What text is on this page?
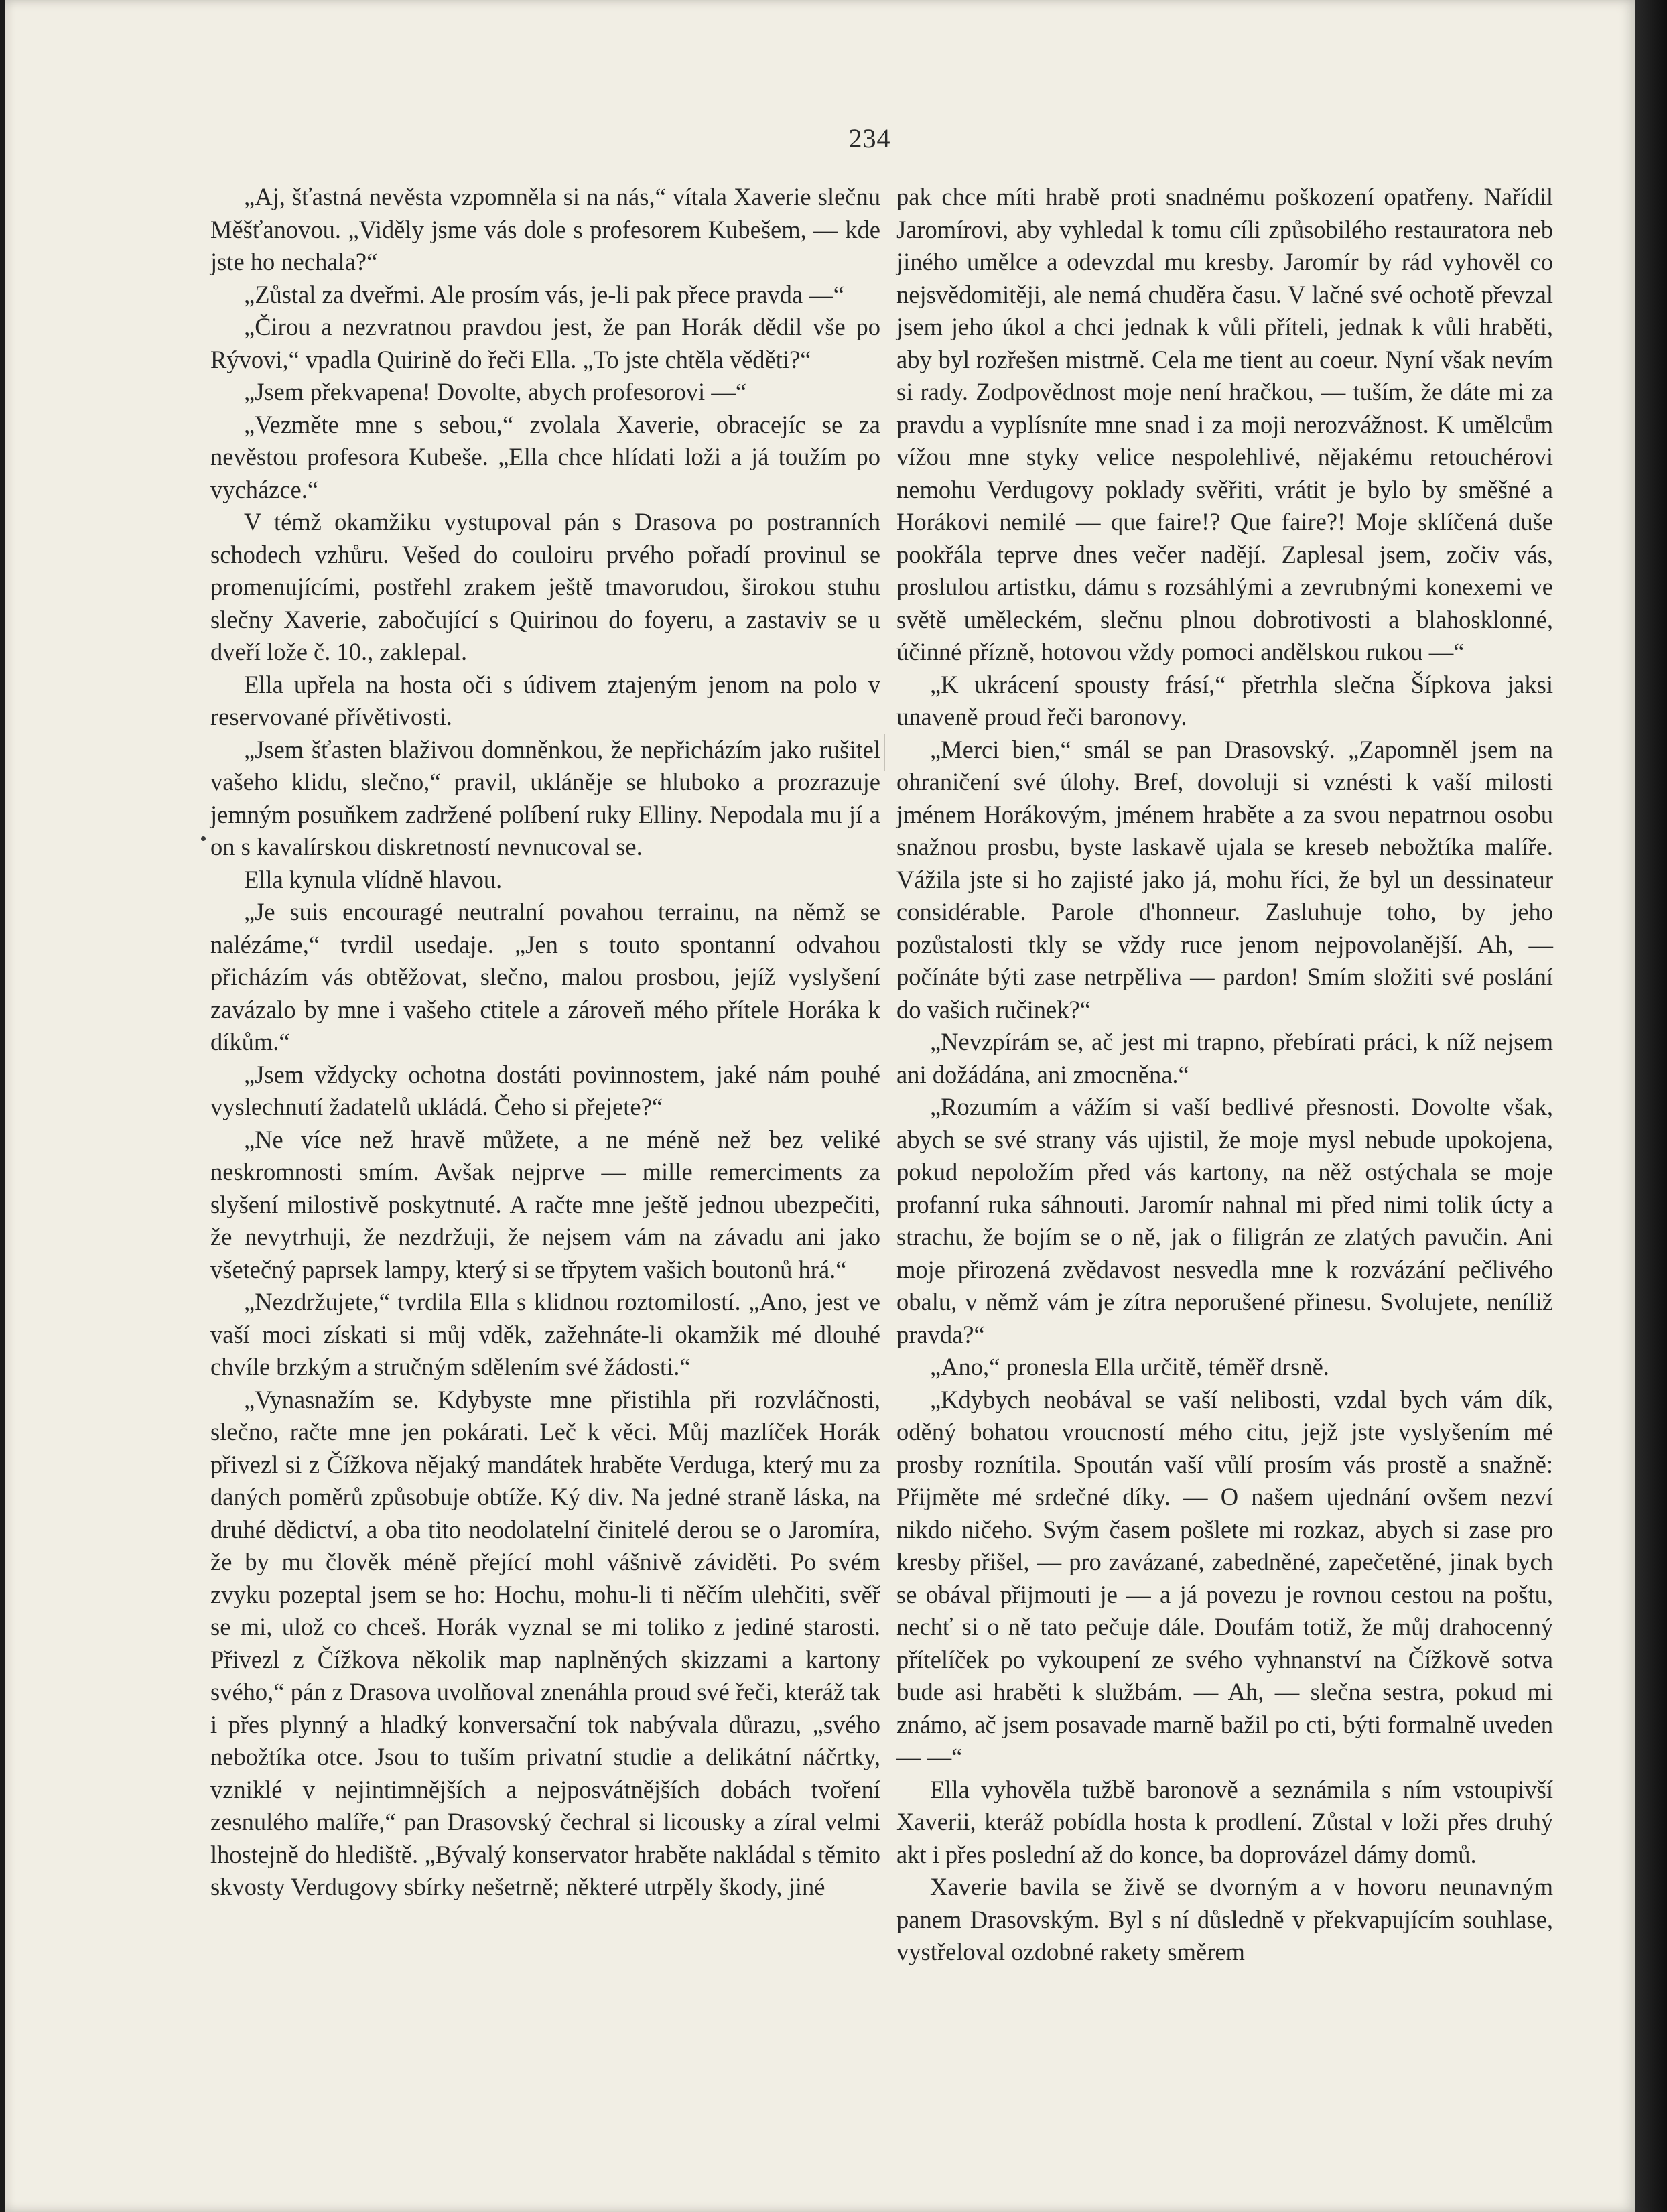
234

„Aj, šťastná nevěsta vzpomněla si na nás,“ vítala Xaverie slečnu Měšťanovou. „Viděly jsme vás dole s profesorem Kubešem, — kde jste ho nechala?“

„Zůstal za dveřmi. Ale prosím vás, je-li pak přece pravda —“

„Čirou a nezvratnou pravdou jest, že pan Horák dědil vše po Rývovi,“ vpadla Quirině do řeči Ella. „To jste chtěla věděti?“

„Jsem překvapena! Dovolte, abych profesorovi —“

„Vezměte mne s sebou,“ zvolala Xaverie, obracejíc se za nevěstou profesora Kubeše. „Ella chce hlídati loži a já toužím po vycházce.“

V témž okamžiku vystupoval pán s Drasova po postranních schodech vzhůru. Vešed do couloiru prvého pořadí provinul se promenujícími, postřehl zrakem ještě tmavorudou, širokou stuhu slečny Xaverie, zabočující s Quirinou do foyeru, a zastaviv se u dveří lože č. 10., zaklepal.

Ella upřela na hosta oči s údivem ztajeným jenom na polo v reservované přívětivosti.

„Jsem šťasten blaživou domněnkou, že nepřicházím jako rušitel vašeho klidu, slečno,“ pravil, ukláněje se hluboko a prozrazuje jemným posuňkem zadržené políbení ruky Elliny. Nepodala mu jí a on s kavalírskou diskretností nevnucoval se.

Ella kynula vlídně hlavou.

„Je suis encouragé neutralní povahou terrainu, na němž se nalézáme,“ tvrdil usedaje. „Jen s touto spontanní odvahou přicházím vás obtěžovat, slečno, malou prosbou, jejíž vyslyšení zavázalo by mne i vašeho ctitele a zároveň mého přítele Horáka k díkům.“

„Jsem vždycky ochotna dostáti povinnostem, jaké nám pouhé vyslechnutí žadatelů ukládá. Čeho si přejete?“

„Ne více než hravě můžete, a ne méně než bez veliké neskromnosti smím. Avšak nejprve — mille remerciments za slyšení milostivě poskytnuté. A račte mne ještě jednou ubezpečiti, že nevytrhuji, že nezdržuji, že nejsem vám na závadu ani jako všetečný paprsek lampy, který si se třpytem vašich boutonů hrá.“

„Nezdržujete,“ tvrdila Ella s klidnou roztomilostí. „Ano, jest ve vaší moci získati si můj vděk, zažehnáte-li okamžik mé dlouhé chvíle brzkým a stručným sdělením své žádosti.“

„Vynasnažím se. Kdybyste mne přistihla při rozvláčnosti, slečno, račte mne jen pokárati. Leč k věci. Můj mazlíček Horák přivezl si z Čížkova nějaký mandátek hraběte Verduga, který mu za daných poměrů způsobuje obtíže. Ký div. Na jedné straně láska, na druhé dědictví, a oba tito neodolatelní činitelé derou se o Jaromíra, že by mu člověk méně přející mohl vášnivě záviděti. Po svém zvyku pozeptal jsem se ho: Hochu, mohu-li ti něčím ulehčiti, svěř se mi, ulož co chceš. Horák vyznal se mi toliko z jediné starosti. Přivezl z Čížkova několik map naplněných skizzami a kartony svého,“ pán z Drasova uvolňoval znenáhla proud své řeči, kteráž tak i přes plynný a hladký konversační tok nabývala důrazu, „svého nebožtíka otce. Jsou to tuším privatní studie a delikátní náčrtky, vzniklé v nejintimnějších a nejposvátnějších dobách tvoření zesnulého malíře,“ pan Drasovský čechral si licousky a zíral velmi lhostejně do hlediště. „Bývalý konservator hraběte nakládal s těmito skvosty Verdugovy sbírky nešetrně; některé utrpěly škody, jiné

pak chce míti hrabě proti snadnému poškození opatřeny. Nařídil Jaromírovi, aby vyhledal k tomu cíli způsobilého restauratora neb jiného umělce a odevzdal mu kresby. Jaromír by rád vyhověl co nejsvědomitěji, ale nemá chuděra času. V lačné své ochotě převzal jsem jeho úkol a chci jednak k vůli příteli, jednak k vůli hraběti, aby byl rozřešen mistrně. Cela me tient au coeur. Nyní však nevím si rady. Zodpovědnost moje není hračkou, — tuším, že dáte mi za pravdu a vyplísníte mne snad i za moji nerozvážnost. K umělcům vížou mne styky velice nespolehlivé, nějakému retouchérovi nemohu Verdugovy poklady svěřiti, vrátit je bylo by směšné a Horákovi nemilé — que faire!? Que faire?! Moje sklíčená duše pookřála teprve dnes večer nadějí. Zaplesal jsem, zočiv vás, proslulou artistku, dámu s rozsáhlými a zevrubnými konexemi ve světě uměleckém, slečnu plnou dobrotivosti a blahosklonné, účinné přízně, hotovou vždy pomoci andělskou rukou —“

„K ukrácení spousty frásí,“ přetrhla slečna Šípkova jaksi unaveně proud řeči baronovy.

„Merci bien,“ smál se pan Drasovský. „Zapomněl jsem na ohraničení své úlohy. Bref, dovoluji si vznésti k vaší milosti jménem Horákovým, jménem hraběte a za svou nepatrnou osobu snažnou prosbu, byste laskavě ujala se kreseb nebožtíka malíře. Vážila jste si ho zajisté jako já, mohu říci, že byl un dessinateur considérable. Parole d'honneur. Zasluhuje toho, by jeho pozůstalosti tkly se vždy ruce jenom nejpovolanější. Ah, — počínáte býti zase netrpěliva — pardon! Smím složiti své poslání do vašich ručinek?“

„Nevzpírám se, ač jest mi trapno, přebírati práci, k níž nejsem ani dožádána, ani zmocněna.“

„Rozumím a vážím si vaší bedlivé přesnosti. Dovolte však, abych se své strany vás ujistil, že moje mysl nebude upokojena, pokud nepoložím před vás kartony, na něž ostýchala se moje profanní ruka sáhnouti. Jaromír nahnal mi před nimi tolik úcty a strachu, že bojím se o ně, jak o filigrán ze zlatých pavučin. Ani moje přirozená zvědavost nesvedla mne k rozvázání pečlivého obalu, v němž vám je zítra neporušené přinesu. Svolujete, neníliž pravda?“

„Ano,“ pronesla Ella určitě, téměř drsně.

„Kdybych neobával se vaší nelibosti, vzdal bych vám dík, oděný bohatou vroucností mého citu, jejž jste vyslyšením mé prosby roznítila. Spoután vaší vůlí prosím vás prostě a snažně: Přijměte mé srdečné díky. — O našem ujednání ovšem nezví nikdo ničeho. Svým časem pošlete mi rozkaz, abych si zase pro kresby přišel, — pro zavázané, zabedněné, zapečetěné, jinak bych se obával přijmouti je — a já povezu je rovnou cestou na poštu, nechť si o ně tato pečuje dále. Doufám totiž, že můj drahocenný přítelíček po vykoupení ze svého vyhnanství na Čížkově sotva bude asi hraběti k službám. — Ah, — slečna sestra, pokud mi známo, ač jsem posavade marně bažil po cti, býti formalně uveden — —“

Ella vyhověla tužbě baronově a seznámila s ním vstoupivší Xaverii, kteráž pobídla hosta k prodlení. Zůstal v loži přes druhý akt i přes poslední až do konce, ba doprovázel dámy domů.

Xaverie bavila se živě se dvorným a v hovoru neunavným panem Drasovským. Byl s ní důsledně v překvapujícím souhlase, vystřeloval ozdobné rakety směrem
